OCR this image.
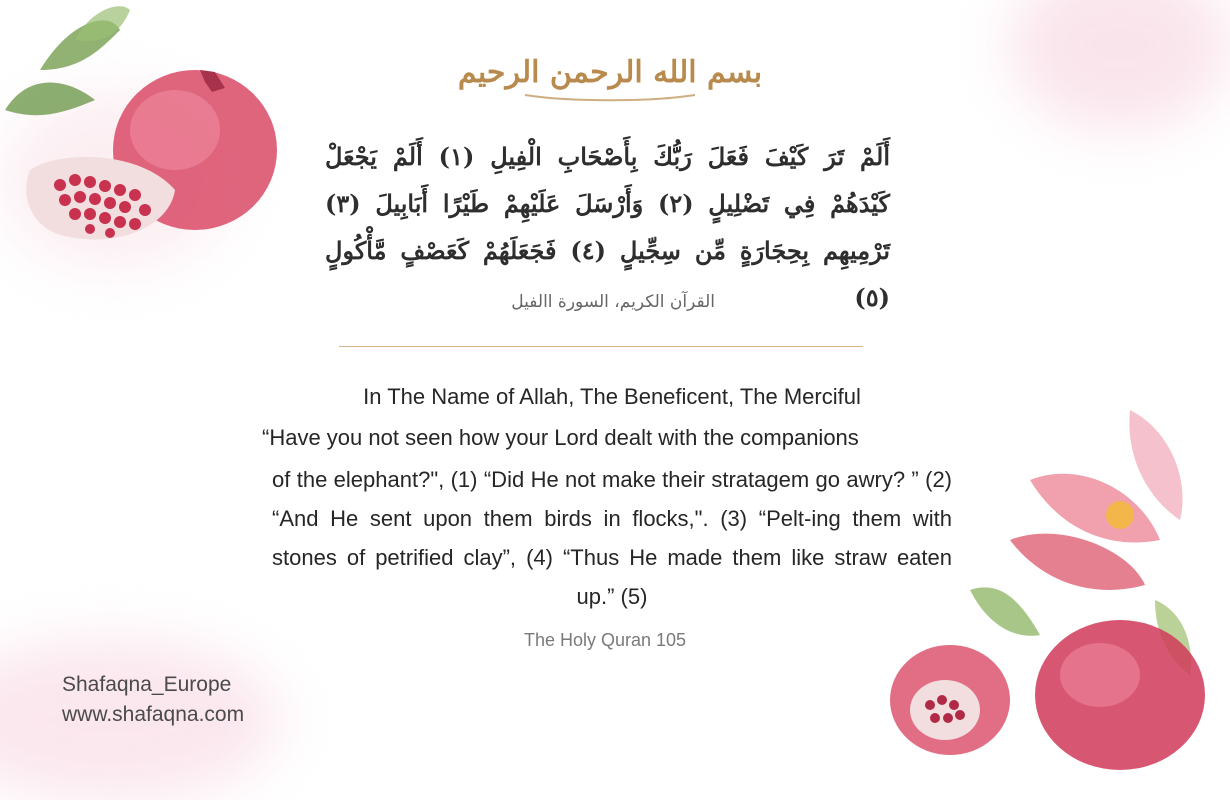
بسم الله الرحمن الرحيم
أَلَمْ تَرَ كَيْفَ فَعَلَ رَبُّكَ بِأَصْحَابِ الْفِيلِ (١) أَلَمْ يَجْعَلْ كَيْدَهُمْ فِي تَضْلِيلٍ (٢) وَأَرْسَلَ عَلَيْهِمْ طَيْرًا أَبَابِيلَ (٣) تَرْمِيهِم بِحِجَارَةٍ مِّن سِجِّيلٍ (٤) فَجَعَلَهُمْ كَعَصْفٍ مَّأْكُولٍ (٥)
القرآن الكريم، السورة االفيل
In The Name of Allah, The Beneficent, The Merciful
“Have you not seen how your Lord dealt with the companions
of the elephant?", (1) “Did He not make their stratagem go awry? ” (2) “And He sent upon them birds in flocks,". (3) “Pelt-ing them with stones of petrified clay”, (4) “Thus He made them like straw eaten up.” (5)
The Holy Quran 105
Shafaqna_Europe
www.shafaqna.com
